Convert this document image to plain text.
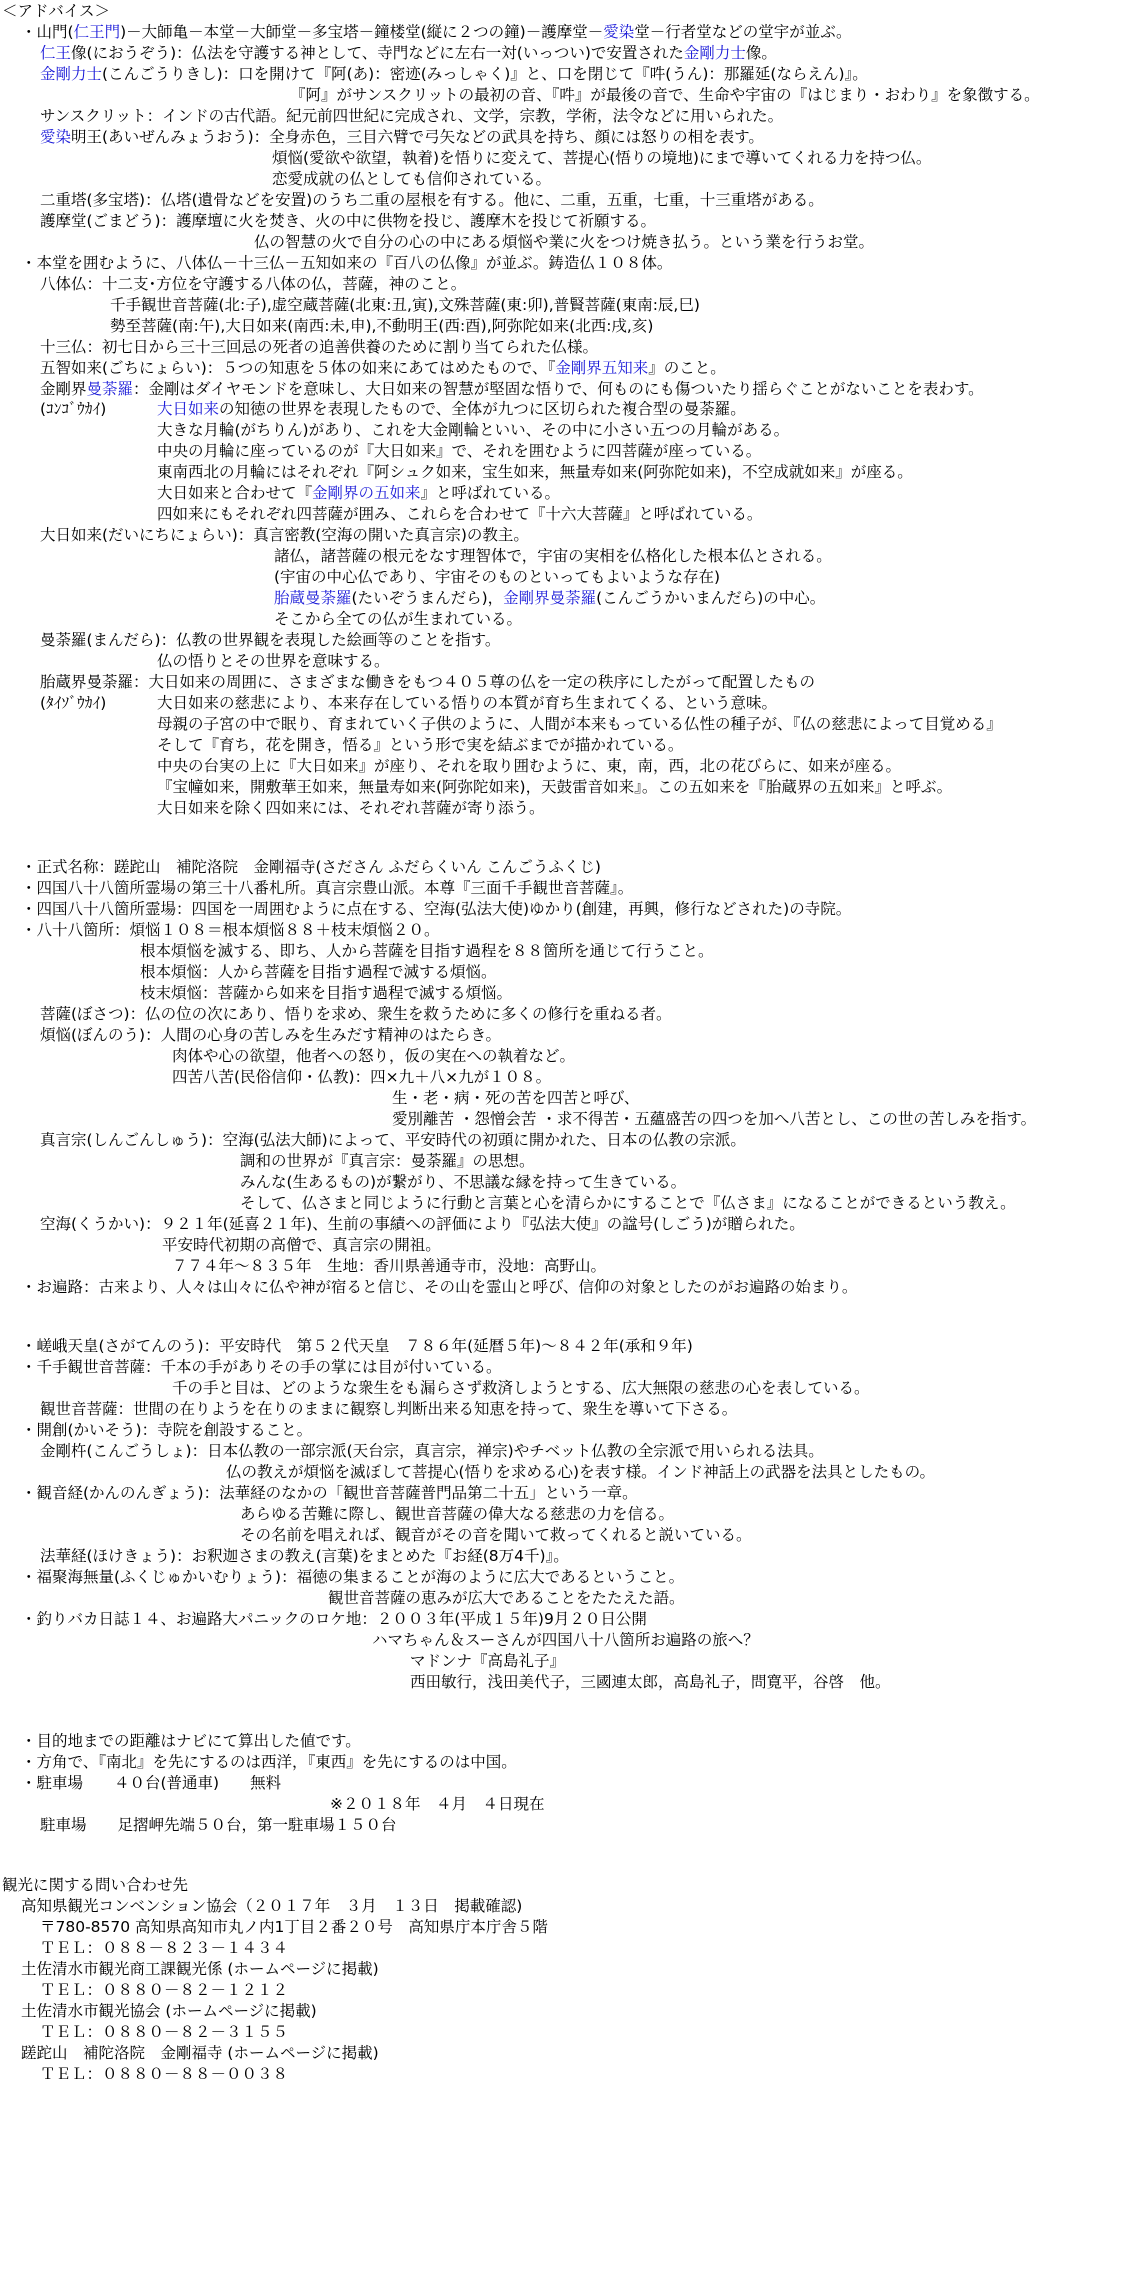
＜アドバイス＞
・山門(仁王門)－大師亀－本堂－大師堂－多宝塔－鐘楼堂(縦に２つの鐘)－護摩堂－愛染堂－行者堂などの堂宇が並ぶ。
仁王像(におうぞう)：仏法を守護する神として、寺門などに左右一対(いっつい)で安置された金剛力士像。
金剛力士(こんごうりきし)：口を開けて『阿(あ)：密迹(みっしゃく)』と、口を閉じて『吽(うん)：那羅延(ならえん)』。
『阿』がサンスクリットの最初の音、『吽』が最後の音で、生命や宇宙の『はじまり・おわり』を象徴する。
サンスクリット：インドの古代語。紀元前四世紀に完成され、文学，宗教，学術，法令などに用いられた。
愛染明王(あいぜんみょうおう)：全身赤色，三目六臂で弓矢などの武具を持ち、顔には怒りの相を表す。
煩悩(愛欲や欲望，執着)を悟りに変えて、菩提心(悟りの境地)にまで導いてくれる力を持つ仏。
恋愛成就の仏としても信仰されている。
二重塔(多宝塔)：仏塔(遺骨などを安置)のうち二重の屋根を有する。他に、二重，五重，七重，十三重塔がある。
護摩堂(ごまどう)：護摩壇に火を焚き、火の中に供物を投じ、護摩木を投じて祈願する。
仏の智慧の火で自分の心の中にある煩悩や業に火をつけ焼き払う。という業を行うお堂。
・本堂を囲むように、八体仏－十三仏－五知如来の『百八の仏像』が並ぶ。鋳造仏１０８体。
八体仏：十二支･方位を守護する八体の仏，菩薩，神のこと。
千手観世音菩薩(北:子),虚空蔵菩薩(北東:丑,寅),文殊菩薩(東:卯),普賢菩薩(東南:辰,巳)
勢至菩薩(南:午),大日如来(南西:未,申),不動明王(西:酉),阿弥陀如来(北西:戌,亥)
十三仏：初七日から三十三回忌の死者の追善供養のために割り当てられた仏様。
五智如来(ごちにょらい)：５つの知恵を５体の如来にあてはめたもので、『金剛界五知来』のこと。
金剛界曼荼羅：金剛はダイヤモンドを意味し、大日如来の智慧が堅固な悟りで、何ものにも傷ついたり揺らぐことがないことを表わす。
(ｺﾝｺﾞｳｶｲ)	大日如来の知徳の世界を表現したもので、全体が九つに区切られた複合型の曼荼羅。
大きな月輪(がちりん)があり、これを大金剛輪といい、その中に小さい五つの月輪がある。
中央の月輪に座っているのが『大日如来』で、それを囲むように四菩薩が座っている。
東南西北の月輪にはそれぞれ『阿シュク如来，宝生如来，無量寿如来(阿弥陀如来)，不空成就如来』が座る。
大日如来と合わせて『金剛界の五如来』と呼ばれている。
四如来にもそれぞれ四菩薩が囲み、これらを合わせて『十六大菩薩』と呼ばれている。
大日如来(だいにちにょらい)：真言密教(空海の開いた真言宗)の教主。
諸仏，諸菩薩の根元をなす理智体で，宇宙の実相を仏格化した根本仏とされる。
(宇宙の中心仏であり、宇宙そのものといってもよいような存在)
胎蔵曼荼羅(たいぞうまんだら)，金剛界曼荼羅(こんごうかいまんだら)の中心。
そこから全ての仏が生まれている。
曼荼羅(まんだら)：仏教の世界観を表現した絵画等のことを指す。
仏の悟りとその世界を意味する。
胎蔵界曼荼羅：大日如来の周囲に、さまざまな働きをもつ４０５尊の仏を一定の秩序にしたがって配置したもの
(ﾀｲｿﾞｳｶｲ)	大日如来の慈悲により、本来存在している悟りの本質が育ち生まれてくる、という意味。
母親の子宮の中で眠り、育まれていく子供のように、人間が本来もっている仏性の種子が、『仏の慈悲によって目覚める』
そして『育ち，花を開き，悟る』という形で実を結ぶまでが描かれている。
中央の台実の上に『大日如来』が座り、それを取り囲むように、東，南，西，北の花びらに、如来が座る。
『宝幢如来，開敷華王如来，無量寿如来(阿弥陀如来)，天鼓雷音如来』。この五如来を『胎蔵界の五如来』と呼ぶ。
大日如来を除く四如来には、それぞれ菩薩が寄り添う。
・正式名称：蹉跎山　補陀洛院　金剛福寺(さださん ふだらくいん こんごうふくじ)
・四国八十八箇所霊場の第三十八番札所。真言宗豊山派。本尊『三面千手観世音菩薩』。
・四国八十八箇所霊場：四国を一周囲むように点在する、空海(弘法大使)ゆかり(創建，再興，修行などされた)の寺院。
・八十八箇所：煩悩１０８＝根本煩悩８８＋枝末煩悩２０。
根本煩悩を滅する、即ち、人から菩薩を目指す過程を８８箇所を通じて行うこと。
根本煩悩：人から菩薩を目指す過程で滅する煩悩。
枝末煩悩：菩薩から如来を目指す過程で滅する煩悩。
菩薩(ぼさつ)：仏の位の次にあり、悟りを求め、衆生を救うために多くの修行を重ねる者。
煩悩(ぼんのう)：人間の心身の苦しみを生みだす精神のはたらき。
肉体や心の欲望，他者への怒り，仮の実在への執着など。
四苦八苦(民俗信仰・仏教)：四×九＋八×九が１０８。
生・老・病・死の苦を四苦と呼び、
愛別離苦 ・怨憎会苦 ・求不得苦・五蘊盛苦の四つを加へ八苦とし、この世の苦しみを指す。
真言宗(しんごんしゅう)：空海(弘法大師)によって、平安時代の初頭に開かれた、日本の仏教の宗派。
調和の世界が『真言宗：曼荼羅』の思想。
みんな(生あるもの)が繋がり、不思議な縁を持って生きている。
そして、仏さまと同じように行動と言葉と心を清らかにすることで『仏さま』になることができるという教え。
空海(くうかい)：９２１年(延喜２１年)、生前の事績への評価により『弘法大使』の諡号(しごう)が贈られた。
平安時代初期の高僧で、真言宗の開祖。
７７４年～８３５年　生地：香川県善通寺市，没地：高野山。
・お遍路：古来より、人々は山々に仏や神が宿ると信じ、その山を霊山と呼び、信仰の対象としたのがお遍路の始まり。
・嵯峨天皇(さがてんのう)：平安時代　第５２代天皇　７８６年(延暦５年)～８４２年(承和９年)
・千手観世音菩薩：千本の手がありその手の掌には目が付いている。
千の手と目は、どのような衆生をも漏らさず救済しようとする、広大無限の慈悲の心を表している。
観世音菩薩：世間の在りようを在りのままに観察し判断出来る知恵を持って、衆生を導いて下さる。
・開創(かいそう)：寺院を創設すること。
金剛杵(こんごうしょ)：日本仏教の一部宗派(天台宗，真言宗，禅宗)やチベット仏教の全宗派で用いられる法具。
仏の教えが煩悩を滅ぼして菩提心(悟りを求める心)を表す様。インド神話上の武器を法具としたもの。
・観音経(かんのんぎょう)：法華経のなかの「観世音菩薩普門品第二十五」という一章。
あらゆる苦難に際し、観世音菩薩の偉大なる慈悲の力を信る。
その名前を唱えれば、観音がその音を聞いて救ってくれると説いている。
法華経(ほけきょう)：お釈迦さまの教え(言葉)をまとめた『お経(8万4千)』。
・福聚海無量(ふくじゅかいむりょう)：福徳の集まることが海のように広大であるということ。
観世音菩薩の恵みが広大であることをたたえた語。
・釣りバカ日誌１４、お遍路大パニックのロケ地：２００３年(平成１５年)9月２０日公開
ハマちゃん＆スーさんが四国八十八箇所お遍路の旅へ？
マドンナ『高島礼子』
西田敏行，浅田美代子，三國連太郎，高島礼子，問寛平，谷啓　他。
・目的地までの距離はナビにて算出した値です。
・方角で、『南北』を先にするのは西洋，『東西』を先にするのは中国。
・駐車場　　４０台(普通車)　　無料
※２０１８年　４月　４日現在
駐車場　　足摺岬先端５０台，第一駐車場１５０台
観光に関する問い合わせ先
高知県観光コンベンション協会（２０１７年　３月　１３日　掲載確認)
〒780-8570 高知県高知市丸ノ内1丁目２番２０号　高知県庁本庁舎５階
ＴＥＬ：０８８－８２３－１４３４
土佐清水市観光商工課観光係 (ホームページに掲載)
ＴＥＬ：０８８０－８２－１２１２
土佐清水市観光協会 (ホームページに掲載)
ＴＥＬ：０８８０－８２－３１５５
蹉跎山　補陀洛院　金剛福寺 (ホームページに掲載)
ＴＥＬ：０８８０－８８－００３８
